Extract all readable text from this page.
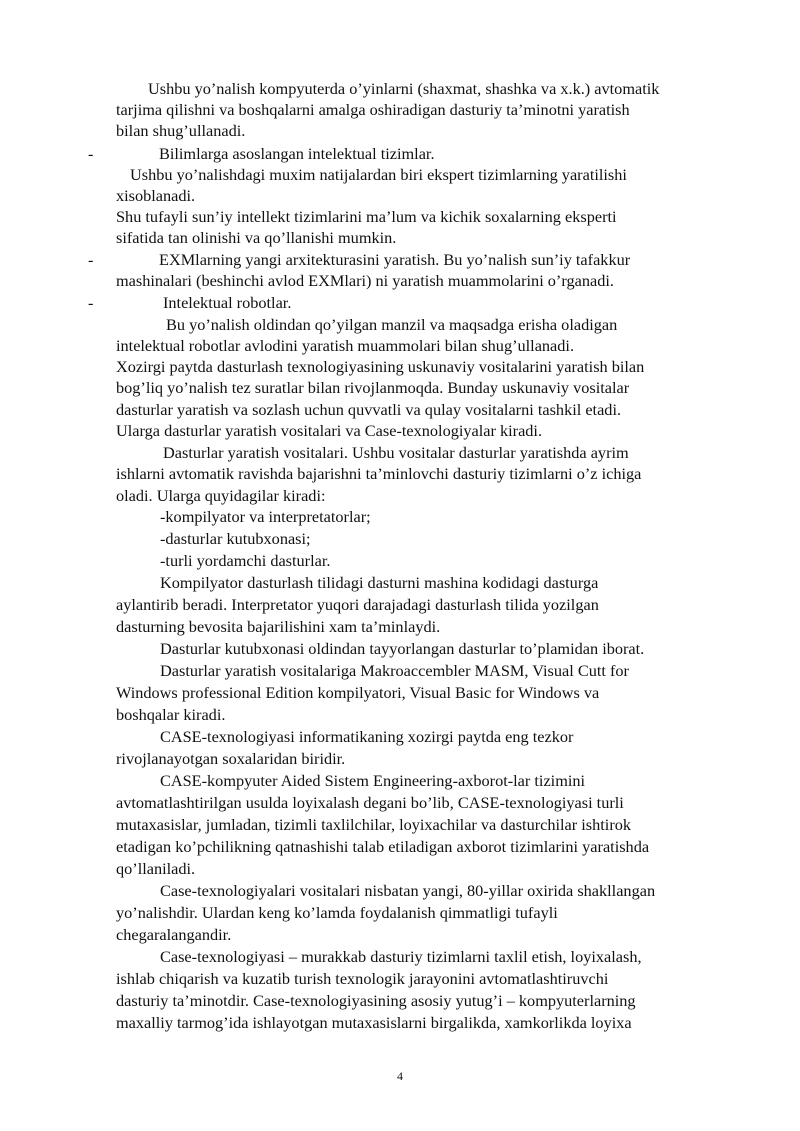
-
-
-
Ushbu yo’nalish kompyuterda o’yinlarni (shaxmat, shashka va x.k.) avtomatik
tarjima qilishni va boshqalarni amalga oshiradigan dasturiy ta’minotni yaratish
bilan shug’ullanadi.
Bilimlarga asoslangan intelektual tizimlar.
Ushbu yo’nalishdagi muxim natijalardan biri ekspert tizimlarning yaratilishi
xisoblanadi.
Shu tufayli sun’iy intellekt tizimlarini ma’lum va kichik soxalarning eksperti
sifatida tan olinishi va qo’llanishi mumkin.
EXMlarning yangi arxitekturasini yaratish. Bu yo’nalish sun’iy tafakkur
mashinalari (beshinchi avlod EXMlari) ni yaratish muammolarini o’rganadi.
Intelektual robotlar.
Bu yo’nalish oldindan qo’yilgan manzil va maqsadga erisha oladigan
intelektual robotlar avlodini yaratish muammolari bilan shug’ullanadi.
Xozirgi paytda dasturlash texnologiyasining uskunaviy vositalarini yaratish bilan
bog’liq yo’nalish tez suratlar bilan rivojlanmoqda. Bunday uskunaviy vositalar
dasturlar yaratish va sozlash uchun quvvatli va qulay vositalarni tashkil etadi.
Ularga dasturlar yaratish vositalari va Case-texnologiyalar kiradi.
Dasturlar yaratish vositalari. Ushbu vositalar dasturlar yaratishda ayrim
ishlarni avtomatik ravishda bajarishni ta’minlovchi dasturiy tizimlarni o’z ichiga
oladi. Ularga quyidagilar kiradi:
-kompilyator va interpretatorlar;
-dasturlar kutubxonasi;
-turli yordamchi dasturlar.
Kompilyator dasturlash tilidagi dasturni mashina kodidagi dasturga
aylantirib beradi. Interpretator yuqori darajadagi dasturlash tilida yozilgan
dasturning bevosita bajarilishini xam ta’minlaydi.
Dasturlar kutubxonasi oldindan tayyorlangan dasturlar to’plamidan iborat.
Dasturlar yaratish vositalariga Makroaccembler MASM, Visual Cutt for
Windows professional Edition kompilyatori, Visual Basic for Windows va
boshqalar kiradi.
CASE-texnologiyasi informatikaning xozirgi paytda eng tezkor
rivojlanayotgan soxalaridan biridir.
CASE-kompyuter Aided Sistem Engineering-axborot-lar tizimini
avtomatlashtirilgan usulda loyixalash degani bo’lib, CASE-texnologiyasi turli
mutaxasislar, jumladan, tizimli taxlilchilar, loyixachilar va dasturchilar ishtirok
etadigan ko’pchilikning qatnashishi talab etiladigan axborot tizimlarini yaratishda
qo’llaniladi.
Case-texnologiyalari vositalari nisbatan yangi, 80-yillar oxirida shakllangan
yo’nalishdir. Ulardan keng ko’lamda foydalanish qimmatligi tufayli
chegaralangandir.
Case-texnologiyasi – murakkab dasturiy tizimlarni taxlil etish, loyixalash,
ishlab chiqarish va kuzatib turish texnologik jarayonini avtomatlashtiruvchi
dasturiy ta’minotdir. Case-texnologiyasining asosiy yutug’i – kompyuterlarning
maxalliy tarmog’ida ishlayotgan mutaxasislarni birgalikda, xamkorlikda loyixa
4
